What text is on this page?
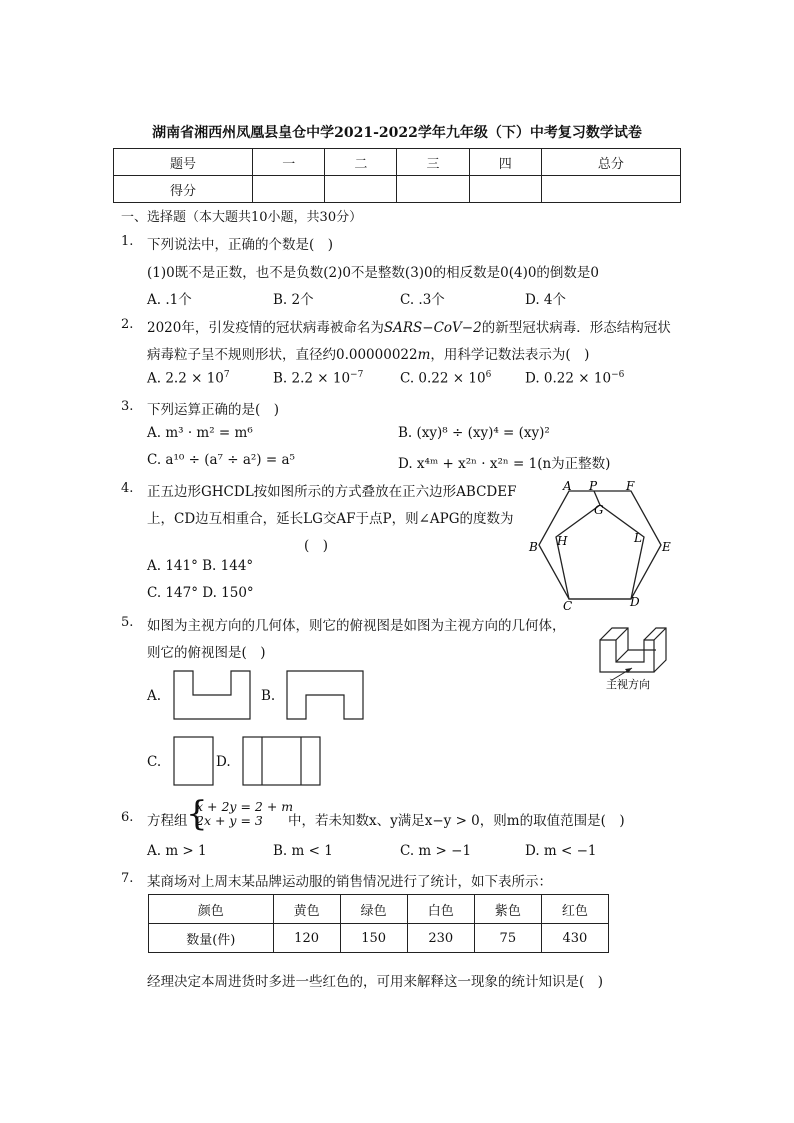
湖南省湘西州凤凰县皇仓中学2021-2022学年九年级（下）中考复习数学试卷
题号	一	二	三	四	总分
得分					
一、选择题（本大题共10小题，共30分）
1. 下列说法中，正确的个数是(　)
(1)0既不是正数，也不是负数(2)0不是整数(3)0的相反数是0(4)0的倒数是0
A. .1个	B. 2个	C. .3个	D. 4个
2. 2020年，引发疫情的冠状病毒被命名为SARS−CoV−2的新型冠状病毒．形态结构冠状
病毒粒子呈不规则形状，直径约0.00000022m，用科学记数法表示为(　)
A. $2.2 \times 10^7$	B. $2.2 \times 10^{-7}$	C. $0.22 \times 10^6$ D. $0.22 \times 10^{-6}$
3. 下列运算正确的是(　)
A. m³ · m² = m⁶	B. (xy)⁸ ÷ (xy)⁴ = (xy)²
C. a¹⁰ ÷ (a⁷ ÷ a²) = a⁵	D. x⁴ᵐ + x²ⁿ · x²ⁿ = 1(n为正整数)
4. 正五边形GHCDL按如图所示的方式叠放在正六边形ABCDEF
上，CD边互相重合，延长LG交AF于点P，则∠APG的度数为
(　)
A. 141° B. 144°
C. 147° D. 150°
A P F
G
H	L
B	E
C	D
5. 如图为主视方向的几何体，则它的俯视图是如图为主视方向的几何体，
则它的俯视图是(　)
主视方向
A.	B.
C.	D.
6. 方程组
{
x + 2y = 2 + m
2x + y = 3 中，若未知数x、y满足x−y > 0，则m的取值范围是(　)
A. m > 1	B. m < 1	C. m > −1	D. m < −1
7. 某商场对上周末某品牌运动服的销售情况进行了统计，如下表所示：
颜色	黄色	绿色	白色	紫色	红色
数量(件)	120	150	230	75	430
经理决定本周进货时多进一些红色的，可用来解释这一现象的统计知识是(　)
